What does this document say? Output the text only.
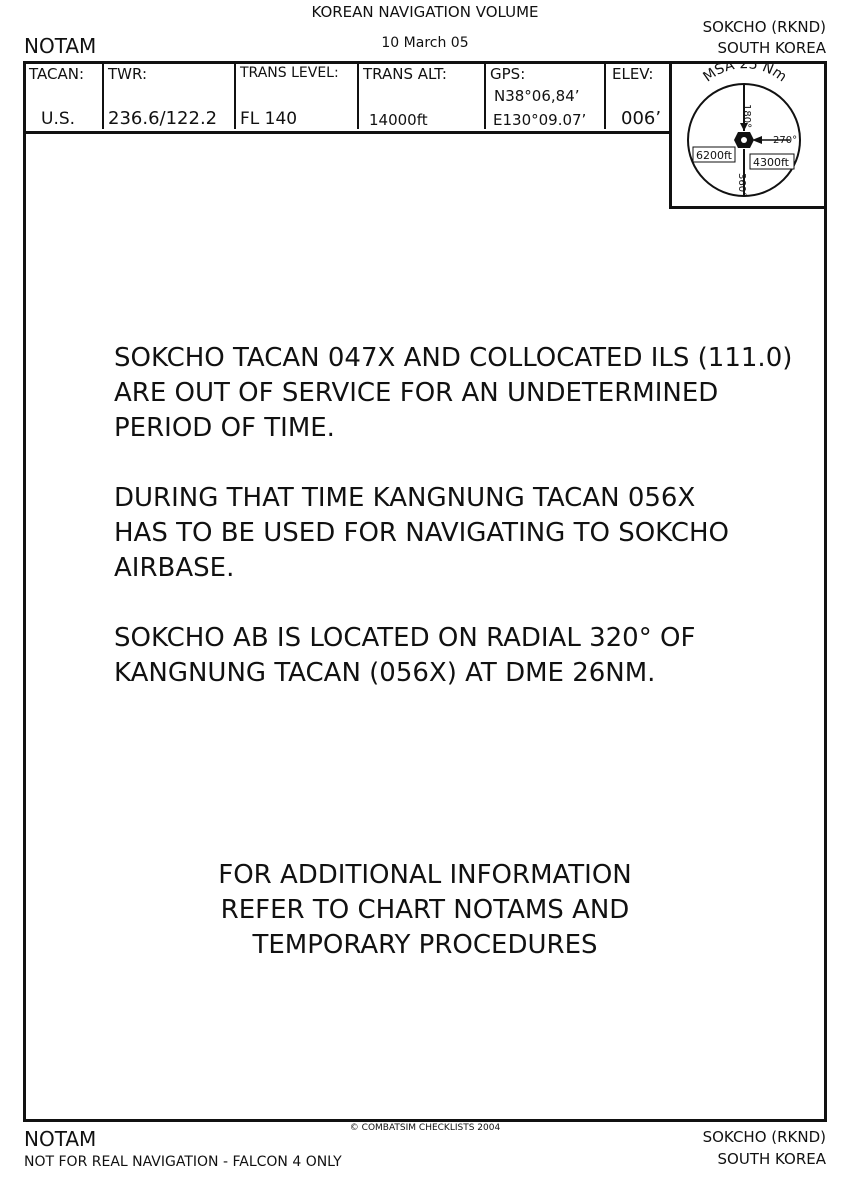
KOREAN NAVIGATION VOLUME
10 March 05
NOTAM
SOKCHO (RKND)
SOUTH KOREA
TACAN:
U.S.
TWR:
236.6/122.2
TRANS LEVEL:
FL 140
TRANS ALT:
14000ft
GPS:
N38°06,84’
E130°09.07’
ELEV:
006’
MSA 25 Nm
180°
270°
360°
6200ft
4300ft
SOKCHO TACAN 047X AND COLLOCATED ILS (111.0)
ARE OUT OF SERVICE FOR AN UNDETERMINED
PERIOD OF TIME.
DURING THAT TIME KANGNUNG TACAN 056X
HAS TO BE USED FOR NAVIGATING TO SOKCHO
AIRBASE.
SOKCHO AB IS LOCATED ON RADIAL 320° OF
KANGNUNG TACAN (056X) AT DME 26NM.
FOR ADDITIONAL INFORMATION
REFER TO CHART NOTAMS AND
TEMPORARY PROCEDURES
NOTAM
NOT FOR REAL NAVIGATION - FALCON 4 ONLY
© COMBATSIM CHECKLISTS 2004	SOKCHO (RKND)
SOUTH KOREA
